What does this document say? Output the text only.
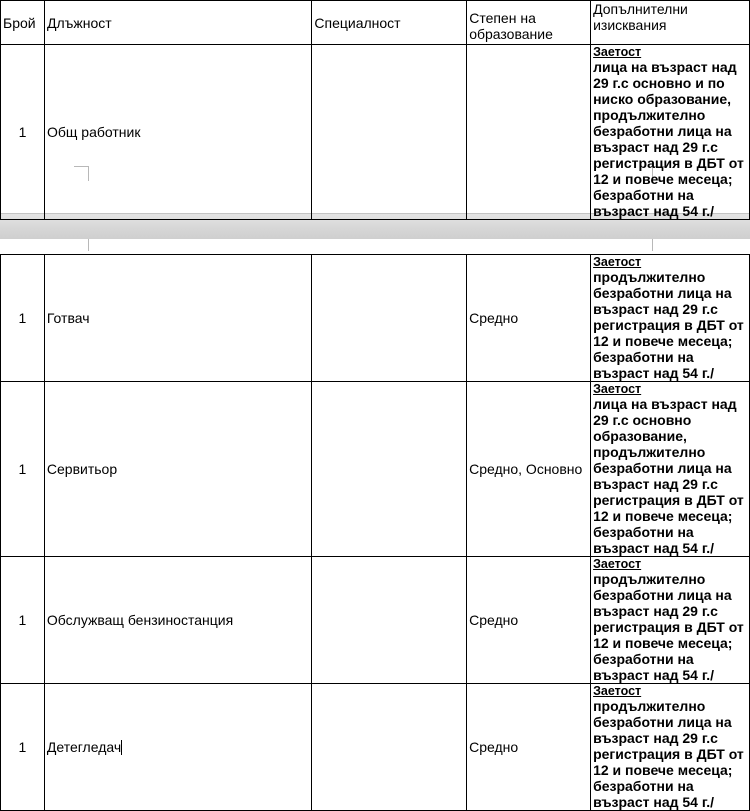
Брой	Длъжност	Специалност	Степен на образование	Допълнителни изисквания
1	Общ работник			Заетост
лица на възраст над 29 г.с основно и по ниско образование, продължително безработни лица на възраст над 29 г.с регистрация в ДБТ от 12 и повече месеца; безработни на възраст над 54 г./
1	Готвач		Средно	Заетост
продължително безработни лица на възраст над 29 г.с регистрация в ДБТ от 12 и повече месеца; безработни на възраст над 54 г./

1	Сервитьор		Средно, Основно	Заетост
лица на възраст над 29 г.с основно образование, продължително безработни лица на възраст над 29 г.с регистрация в ДБТ от 12 и повече месеца; безработни на възраст над 54 г./

1	Обслужващ бензиностанция		Средно	Заетост
продължително безработни лица на възраст над 29 г.с регистрация в ДБТ от 12 и повече месеца; безработни на възраст над 54 г./

1	Детегледач		Средно	Заетост
продължително безработни лица на възраст над 29 г.с регистрация в ДБТ от 12 и повече месеца; безработни на възраст над 54 г./
